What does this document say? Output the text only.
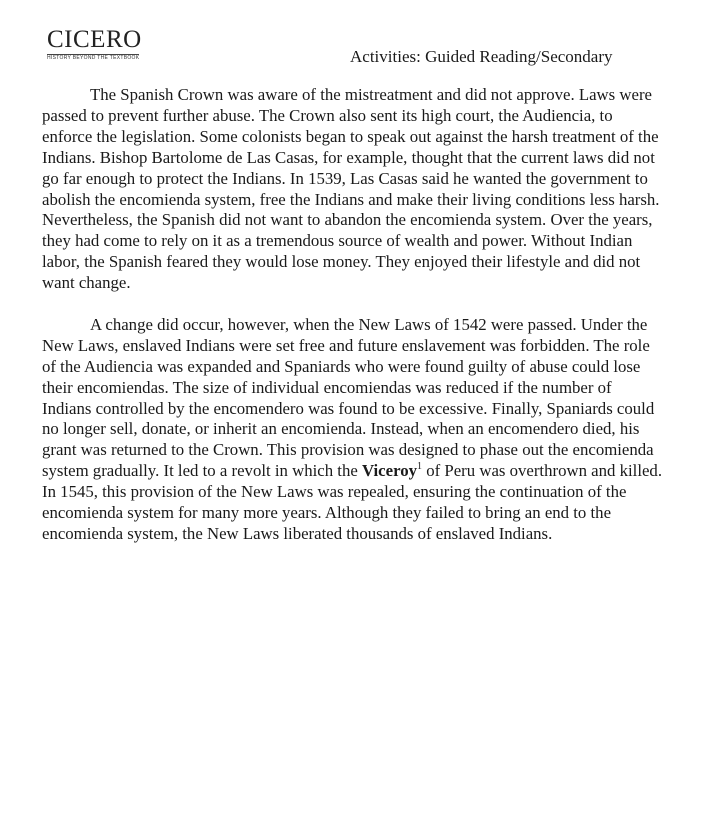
CICERO
HISTORY BEYOND THE TEXTBOOK	Activities: Guided Reading/Secondary

The Spanish Crown was aware of the mistreatment and did not approve. Laws were passed to prevent further abuse. The Crown also sent its high court, the Audiencia, to enforce the legislation. Some colonists began to speak out against the harsh treatment of the Indians. Bishop Bartolome de Las Casas, for example, thought that the current laws did not go far enough to protect the Indians. In 1539, Las Casas said he wanted the government to abolish the encomienda system, free the Indians and make their living conditions less harsh. Nevertheless, the Spanish did not want to abandon the encomienda system. Over the years, they had come to rely on it as a tremendous source of wealth and power. Without Indian labor, the Spanish feared they would lose money. They enjoyed their lifestyle and did not want change.

A change did occur, however, when the New Laws of 1542 were passed. Under the New Laws, enslaved Indians were set free and future enslavement was forbidden. The role of the Audiencia was expanded and Spaniards who were found guilty of abuse could lose their encomiendas. The size of individual encomiendas was reduced if the number of Indians controlled by the encomendero was found to be excessive. Finally, Spaniards could no longer sell, donate, or inherit an encomienda. Instead, when an encomendero died, his grant was returned to the Crown. This provision was designed to phase out the encomienda system gradually. It led to a revolt in which the Viceroy$^1$ of Peru was overthrown and killed. In 1545, this provision of the New Laws was repealed, ensuring the continuation of the encomienda system for many more years. Although they failed to bring an end to the encomienda system, the New Laws liberated thousands of enslaved Indians.
